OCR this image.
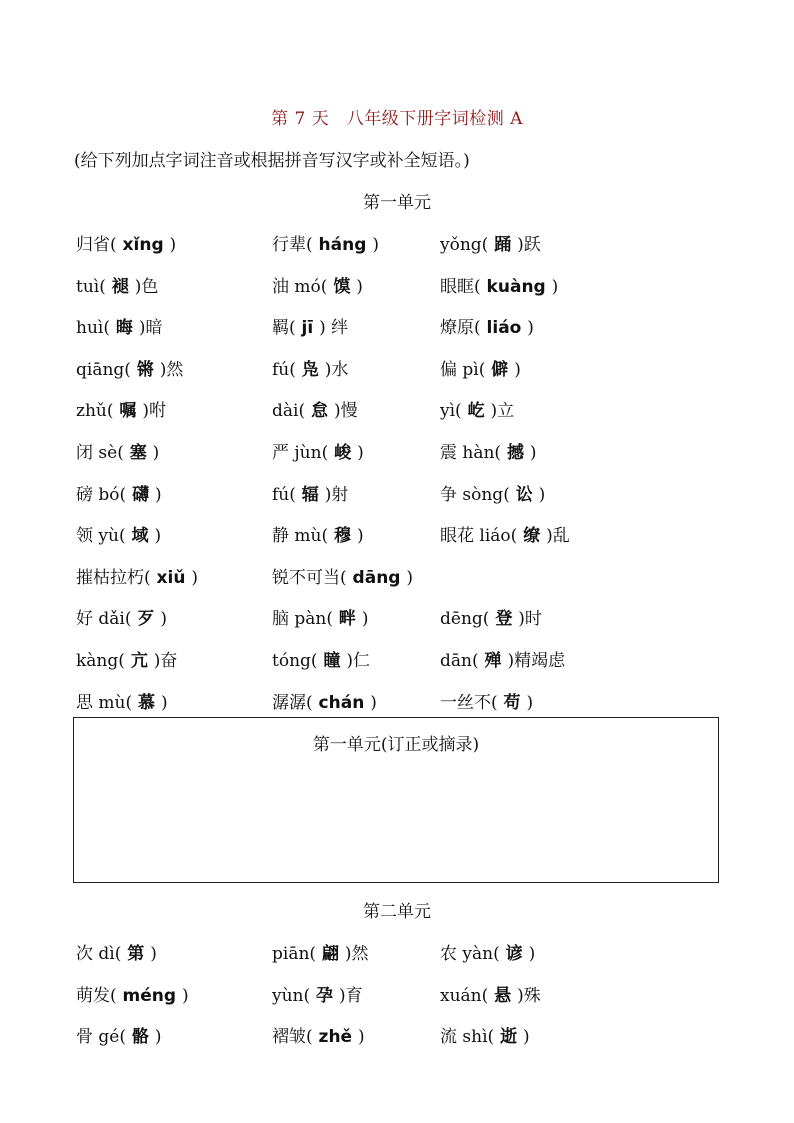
第 7 天　八年级下册字词检测 A
(给下列加点字词注音或根据拼音写汉字或补全短语。)
第一单元
归省( xǐng )	行辈( háng )	yǒng( 踊 )跃
tuì( 褪 )色	油 mó( 馍 )	眼眶( kuàng )
huì( 晦 )暗	羁( jī ) 绊	燎原( liáo )
qiāng( 锵 )然	fú( 凫 )水	偏 pì( 僻 )
zhǔ( 嘱 )咐	dài( 怠 )慢	yì( 屹 )立
闭 sè( 塞 )	严 jùn( 峻 )	震 hàn( 撼 )
磅 bó( 礴 )	fú( 辐 )射	争 sòng( 讼 )
领 yù( 域 )	静 mù( 穆 )	眼花 liáo( 缭 )乱
摧枯拉朽( xiǔ )	锐不可当( dāng )
好 dǎi( 歹 )	脑 pàn( 畔 )	dēng( 登 )时
kàng( 亢 )奋	tóng( 瞳 )仁	dān( 殚 )精竭虑
思 mù( 慕 )	潺潺( chán )	一丝不( 苟 )
第一单元(订正或摘录)
第二单元
次 dì( 第 )	piān( 翩 )然	农 yàn( 谚 )
萌发( méng )	yùn( 孕 )育	xuán( 悬 )殊
骨 gé( 骼 )	褶皱( zhě )	流 shì( 逝 )
